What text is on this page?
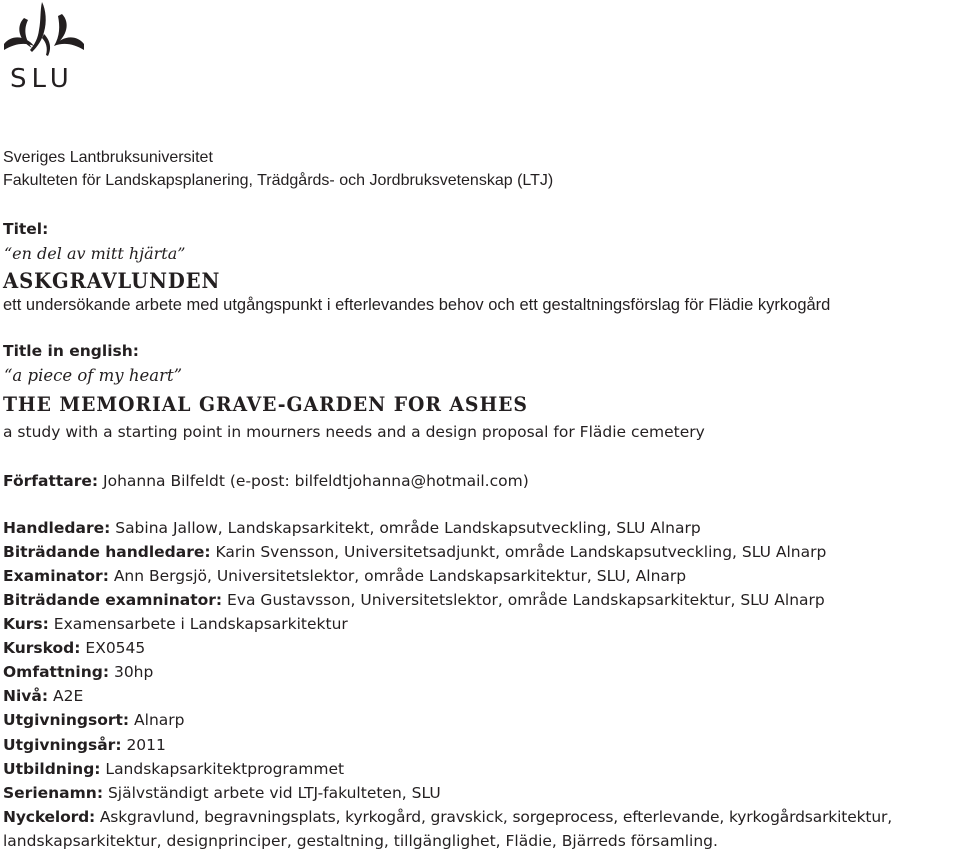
SLU
Sveriges Lantbruksuniversitet
Fakulteten för Landskapsplanering, Trädgårds- och Jordbruksvetenskap (LTJ)
Titel:
“en del av mitt hjärta”
ASKGRAVLUNDEN
ett undersökande arbete med utgångspunkt i efterlevandes behov och ett gestaltningsförslag för Flädie kyrkogård
Title in english:
“a piece of my heart”
THE MEMORIAL GRAVE-GARDEN FOR ASHES
a study with a starting point in mourners needs and a design proposal for Flädie cemetery
Författare: Johanna Bilfeldt (e-post: bilfeldtjohanna@hotmail.com)
Handledare: Sabina Jallow, Landskapsarkitekt, område Landskapsutveckling, SLU Alnarp
Biträdande handledare: Karin Svensson, Universitetsadjunkt, område Landskapsutveckling, SLU Alnarp
Examinator: Ann Bergsjö, Universitetslektor, område Landskapsarkitektur, SLU, Alnarp
Biträdande examninator: Eva Gustavsson, Universitetslektor, område Landskapsarkitektur, SLU Alnarp
Kurs: Examensarbete i Landskapsarkitektur
Kurskod: EX0545
Omfattning: 30hp
Nivå: A2E
Utgivningsort: Alnarp
Utgivningsår: 2011
Utbildning: Landskapsarkitektprogrammet
Serienamn: Självständigt arbete vid LTJ-fakulteten, SLU
Nyckelord: Askgravlund, begravningsplats, kyrkogård, gravskick, sorgeprocess, efterlevande, kyrkogårdsarkitektur,
landskapsarkitektur, designprinciper, gestaltning, tillgänglighet, Flädie, Bjärreds församling.
